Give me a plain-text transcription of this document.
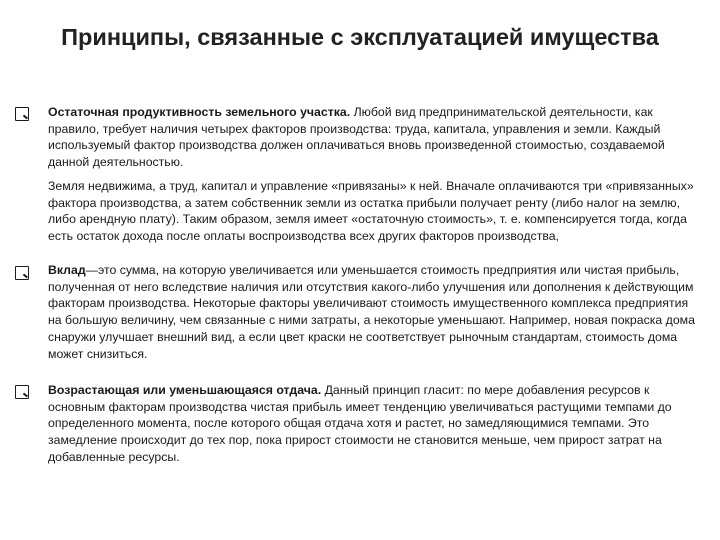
Принципы, связанные с эксплуатацией имущества
Остаточная продуктивность земельного участка. Любой вид предпринимательской деятельности, как правило, требует наличия четырех факторов производства: труда, капитала, управления и земли. Каждый используемый фактор производства должен оплачиваться вновь произведенной стоимостью, создаваемой данной деятельностью.
Земля недвижима, а труд, капитал и управление «привязаны» к ней. Вначале оплачиваются три «привязанных» фактора производства, а затем собственник земли из остатка прибыли получает ренту (либо налог на землю, либо арендную плату). Таким образом, земля имеет «остаточную стоимость», т. е. компенсируется тогда, когда есть остаток дохода после оплаты воспроизводства всех других факторов производства,
Вклад—это сумма, на которую увеличивается или уменьшается стоимость предприятия или чистая прибыль, полученная от него вследствие наличия или отсутствия какого-либо улучшения или дополнения к действующим факторам производства. Некоторые факторы увеличивают стоимость имущественного комплекса предприятия на большую величину, чем связанные с ними затраты, а некоторые уменьшают. Например, новая покраска дома снаружи улучшает внешний вид, а если цвет краски не соответствует рыночным стандартам, стоимость дома может снизиться.
Возрастающая или уменьшающаяся отдача. Данный принцип гласит: по мере добавления ресурсов к основным факторам производства чистая прибыль имеет тенденцию увеличиваться растущими темпами до определенного момента, после которого общая отдача хотя и растет, но замедляющимися темпами. Это замедление происходит до тех пор, пока прирост стоимости не становится меньше, чем прирост затрат на добавленные ресурсы.
